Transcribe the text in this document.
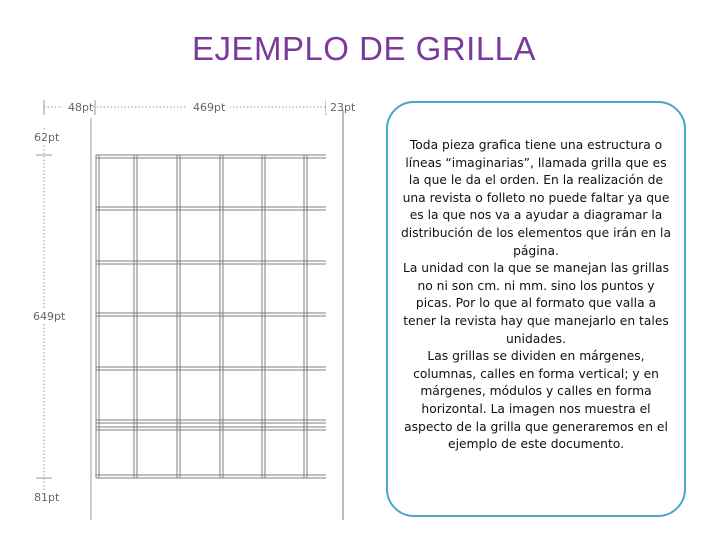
EJEMPLO DE GRILLA
48pt	469pt	23pt
62pt
649pt
81pt

Toda pieza grafica tiene una estructura o líneas “imaginarias”, llamada grilla que es la que le da el orden. En la realización de una revista o folleto no puede faltar ya que es la que nos va a ayudar a diagramar la distribución de los elementos que irán en la página.

La unidad con la que se manejan las grillas no ni son cm. ni mm. sino los puntos y picas. Por lo que al formato que valla a tener la revista hay que manejarlo en tales unidades.

Las grillas se dividen en márgenes, columnas, calles en forma vertical; y en márgenes, módulos y calles en forma horizontal. La imagen nos muestra el aspecto de la grilla que generaremos en el ejemplo de este documento.
